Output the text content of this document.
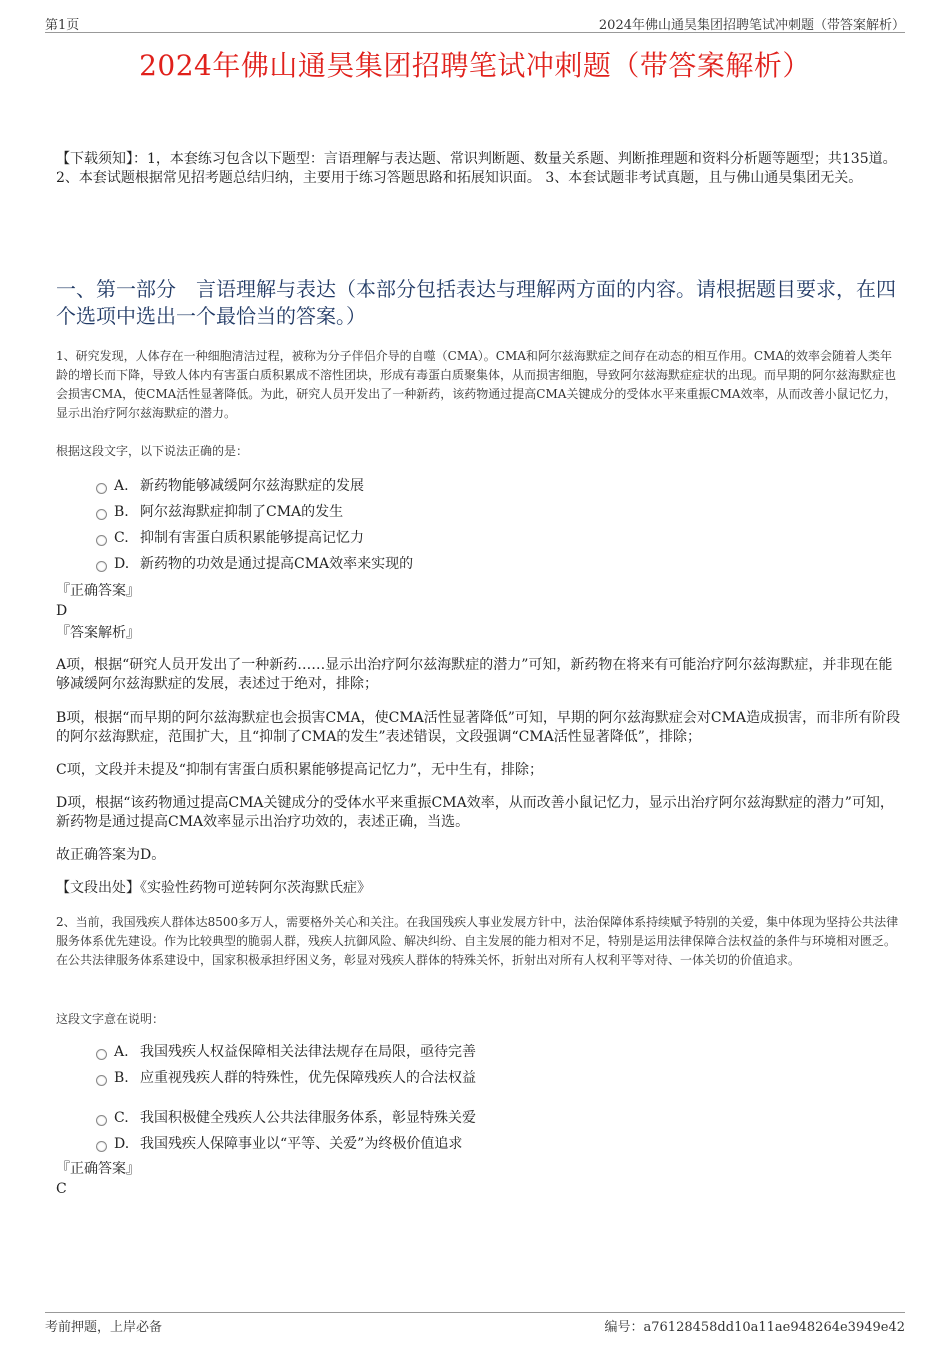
第1页	2024年佛山通昊集团招聘笔试冲刺题（带答案解析）
2024年佛山通昊集团招聘笔试冲刺题（带答案解析）
【下载须知】：1，本套练习包含以下题型：言语理解与表达题、常识判断题、数量关系题、判断推理题和资料分析题等题型；共135道。 2、本套试题根据常见招考题总结归纳，主要用于练习答题思路和拓展知识面。 3、本套试题非考试真题，且与佛山通昊集团无关。
一、第一部分　言语理解与表达（本部分包括表达与理解两方面的内容。请根据题目要求，在四个选项中选出一个最恰当的答案。）
1、研究发现，人体存在一种细胞清洁过程，被称为分子伴侣介导的自噬（CMA）。CMA和阿尔兹海默症之间存在动态的相互作用。CMA的效率会随着人类年龄的增长而下降，导致人体内有害蛋白质积累成不溶性团块，形成有毒蛋白质聚集体，从而损害细胞，导致阿尔兹海默症症状的出现。而早期的阿尔兹海默症也会损害CMA，使CMA活性显著降低。为此，研究人员开发出了一种新药，该药物通过提高CMA关键成分的受体水平来重振CMA效率，从而改善小鼠记忆力，显示出治疗阿尔兹海默症的潜力。
根据这段文字，以下说法正确的是：
A. 新药物能够减缓阿尔兹海默症的发展
B. 阿尔兹海默症抑制了CMA的发生
C. 抑制有害蛋白质积累能够提高记忆力
D. 新药物的功效是通过提高CMA效率来实现的
『正确答案』
D
『答案解析』
A项，根据“研究人员开发出了一种新药……显示出治疗阿尔兹海默症的潜力”可知，新药物在将来有可能治疗阿尔兹海默症，并非现在能够减缓阿尔兹海默症的发展，表述过于绝对，排除；
B项，根据“而早期的阿尔兹海默症也会损害CMA，使CMA活性显著降低”可知，早期的阿尔兹海默症会对CMA造成损害，而非所有阶段的阿尔兹海默症，范围扩大，且“抑制了CMA的发生”表述错误，文段强调“CMA活性显著降低”，排除；
C项，文段并未提及“抑制有害蛋白质积累能够提高记忆力”，无中生有，排除；
D项，根据“该药物通过提高CMA关键成分的受体水平来重振CMA效率，从而改善小鼠记忆力，显示出治疗阿尔兹海默症的潜力”可知，新药物是通过提高CMA效率显示出治疗功效的，表述正确，当选。
故正确答案为D。
【文段出处】《实验性药物可逆转阿尔茨海默氏症》
2、当前，我国残疾人群体达8500多万人，需要格外关心和关注。在我国残疾人事业发展方针中，法治保障体系持续赋予特别的关爱，集中体现为坚持公共法律服务体系优先建设。作为比较典型的脆弱人群，残疾人抗御风险、解决纠纷、自主发展的能力相对不足，特别是运用法律保障合法权益的条件与环境相对匮乏。在公共法律服务体系建设中，国家积极承担纾困义务，彰显对残疾人群体的特殊关怀，折射出对所有人权利平等对待、一体关切的价值追求。
这段文字意在说明：
A. 我国残疾人权益保障相关法律法规存在局限，亟待完善
B. 应重视残疾人群的特殊性，优先保障残疾人的合法权益
C. 我国积极健全残疾人公共法律服务体系，彰显特殊关爱
D. 我国残疾人保障事业以“平等、关爱”为终极价值追求
『正确答案』
C
考前押题，上岸必备	编号：a76128458dd10a11ae948264e3949e42
